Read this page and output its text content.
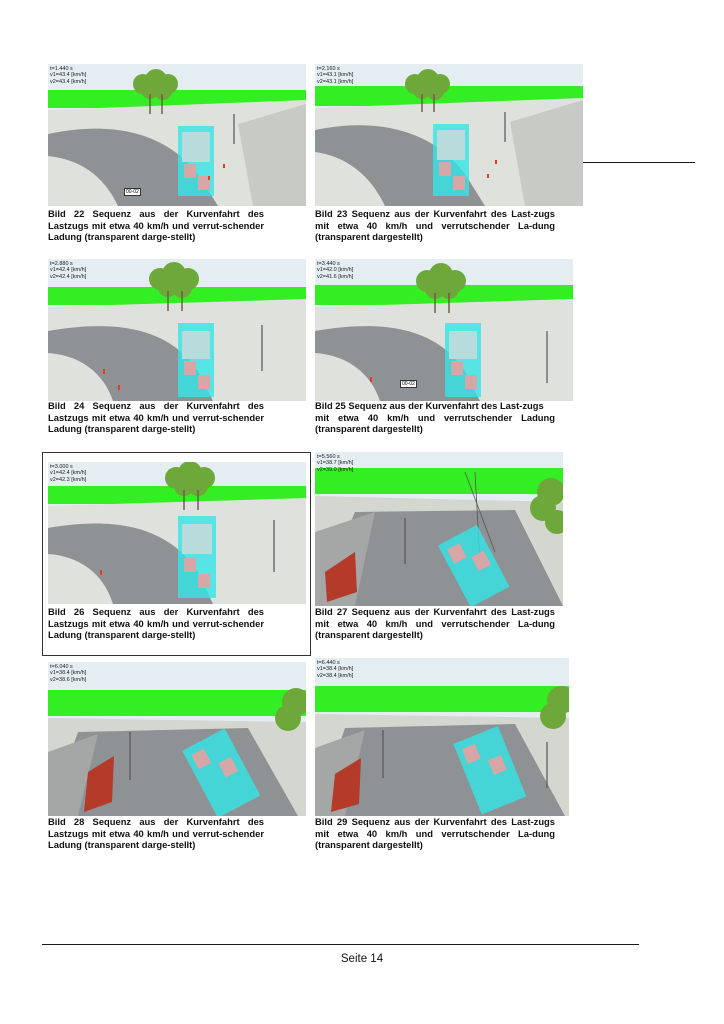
t=1.440 s
v1=43.4 [km/h]
v2=43.4 [km/h]
00-02

Bild 22 Sequenz aus der Kurvenfahrt des Lastzugs mit etwa 40 km/h und verrut-schender Ladung (transparent darge-stellt)

t=2.160 s
v1=43.1 [km/h]
v2=43.1 [km/h]

Bild 23 Sequenz aus der Kurvenfahrt des Last-zugs mit etwa 40 km/h und verrutschender La-dung (transparent dargestellt)

t=2.880 s
v1=42.4 [km/h]
v2=42.4 [km/h]

Bild 24 Sequenz aus der Kurvenfahrt des Lastzugs mit etwa 40 km/h und verrut-schender Ladung (transparent darge-stellt)

t=3.440 s
v1=42.0 [km/h]
v2=41.6 [km/h]
00-02

Bild 25 Sequenz aus der Kurvenfahrt des Last-zugs
mit etwa 40 km/h und verrutschender Ladung (transparent dargestellt)

t=3.000 s
v1=42.4 [km/h]
v2=42.3 [km/h]

Bild 26 Sequenz aus der Kurvenfahrt des Lastzugs mit etwa 40 km/h und verrut-schender Ladung (transparent darge-stellt)

t=5.560 s
v1=38.7 [km/h]
v2=39.0 [km/h]

Bild 27 Sequenz aus der Kurvenfahrt des Last-zugs mit etwa 40 km/h und verrutschender La-dung (transparent dargestellt)

t=6.040 s
v1=38.4 [km/h]
v2=38.6 [km/h]

Bild 28 Sequenz aus der Kurvenfahrt des Lastzugs mit etwa 40 km/h und verrut-schender Ladung (transparent darge-stellt)

t=6.440 s
v1=38.4 [km/h]
v2=38.4 [km/h]

Bild 29 Sequenz aus der Kurvenfahrt des Last-zugs mit etwa 40 km/h und verrutschender La-dung (transparent dargestellt)

Seite 14
